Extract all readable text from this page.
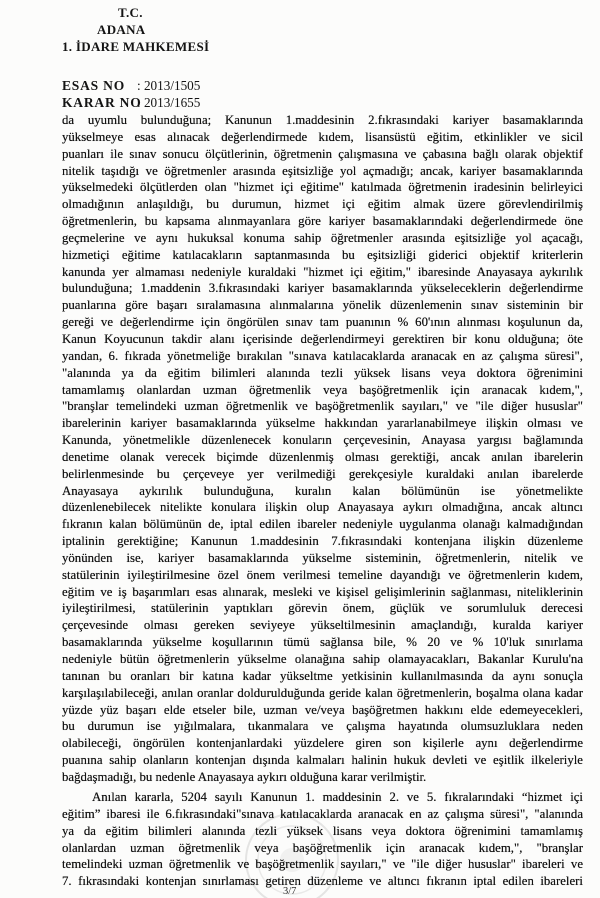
T.C.
ADANA
1. İDARE MAHKEMESİ
ESAS NO : 2013/1505
KARAR NO
: 2013/1655
da uyumlu bulunduğuna; Kanunun 1.maddesinin 2.fıkrasındaki kariyer basamaklarında
yükselmeye esas alınacak değerlendirmede kıdem, lisansüstü eğitim, etkinlikler ve sicil
puanları ile sınav sonucu ölçütlerinin, öğretmenin çalışmasına ve çabasına bağlı olarak objektif
nitelik taşıdığı ve öğretmenler arasında eşitsizliğe yol açmadığı; ancak, kariyer basamaklarında
yükselmedeki ölçütlerden olan "hizmet içi eğitime" katılmada öğretmenin iradesinin belirleyici
olmadığının anlaşıldığı, bu durumun, hizmet içi eğitim almak üzere görevlendirilmiş
öğretmenlerin, bu kapsama alınmayanlara göre kariyer basamaklarındaki değerlendirmede öne
geçmelerine ve aynı hukuksal konuma sahip öğretmenler arasında eşitsizliğe yol açacağı,
hizmetiçi eğitime katılacakların saptanmasında bu eşitsizliği giderici objektif kriterlerin
kanunda yer almaması nedeniyle kuraldaki "hizmet içi eğitim," ibaresinde Anayasaya aykırılık
bulunduğuna; 1.maddenin 3.fıkrasındaki kariyer basamaklarında yükseleceklerin değerlendirme
puanlarına göre başarı sıralamasına alınmalarına yönelik düzenlemenin sınav sisteminin bir
gereği ve değerlendirme için öngörülen sınav tam puanının % 60'ının alınması koşulunun da,
Kanun Koyucunun takdir alanı içerisinde değerlendirmeyi gerektiren bir konu olduğuna; öte
yandan, 6. fıkrada yönetmeliğe bırakılan "sınava katılacaklarda aranacak en az çalışma süresi",
"alanında ya da eğitim bilimleri alanında tezli yüksek lisans veya doktora öğrenimini
tamamlamış olanlardan uzman öğretmenlik veya başöğretmenlik için aranacak kıdem,",
"branşlar temelindeki uzman öğretmenlik ve başöğretmenlik sayıları," ve "ile diğer hususlar"
ibarelerinin kariyer basamaklarında yükselme hakkından yararlanabilmeye ilişkin olması ve
Kanunda, yönetmelikle düzenlenecek konuların çerçevesinin, Anayasa yargısı bağlamında
denetime olanak verecek biçimde düzenlenmiş olması gerektiği, ancak anılan ibarelerin
belirlenmesinde bu çerçeveye yer verilmediği gerekçesiyle kuraldaki anılan ibarelerde
Anayasaya aykırılık bulunduğuna, kuralın kalan bölümünün ise yönetmelikte
düzenlenebilecek nitelikte konulara ilişkin olup Anayasaya aykırı olmadığına, ancak altıncı
fıkranın kalan bölümünün de, iptal edilen ibareler nedeniyle uygulanma olanağı kalmadığından
iptalinin gerektiğine; Kanunun 1.maddesinin 7.fıkrasındaki kontenjana ilişkin düzenleme
yönünden ise, kariyer basamaklarında yükselme sisteminin, öğretmenlerin, nitelik ve
statülerinin iyileştirilmesine özel önem verilmesi temeline dayandığı ve öğretmenlerin kıdem,
eğitim ve iş başarımları esas alınarak, mesleki ve kişisel gelişimlerinin sağlanması, niteliklerinin
iyileştirilmesi, statülerinin yaptıkları görevin önem, güçlük ve sorumluluk derecesi
çerçevesinde olması gereken seviyeye yükseltilmesinin amaçlandığı, kuralda kariyer
basamaklarında yükselme koşullarının tümü sağlansa bile, % 20 ve % 10'luk sınırlama
nedeniyle bütün öğretmenlerin yükselme olanağına sahip olamayacakları, Bakanlar Kurulu'na
tanınan bu oranları bir katına kadar yükseltme yetkisinin kullanılmasında da aynı sonuçla
karşılaşılabileceği, anılan oranlar doldurulduğunda geride kalan öğretmenlerin, boşalma olana kadar
yüzde yüz başarı elde etseler bile, uzman ve/veya başöğretmen hakkını elde edemeyecekleri,
bu durumun ise yığılmalara, tıkanmalara ve çalışma hayatında olumsuzluklara neden
olabileceği, öngörülen kontenjanlardaki yüzdelere giren son kişilerle aynı değerlendirme
puanına sahip olanların kontenjan dışında kalmaları halinin hukuk devleti ve eşitlik ilkeleriyle
bağdaşmadığı, bu nedenle Anayasaya aykırı olduğuna karar verilmiştir.
Anılan kararla, 5204 sayılı Kanunun 1. maddesinin 2. ve 5. fıkralarındaki “hizmet içi
eğitim” ibaresi ile 6.fıkrasındaki"sınava katılacaklarda aranacak en az çalışma süresi", "alanında
ya da eğitim bilimleri alanında tezli yüksek lisans veya doktora öğrenimini tamamlamış
olanlardan uzman öğretmenlik veya başöğretmenlik için aranacak kıdem,", "branşlar
temelindeki uzman öğretmenlik ve başöğretmenlik sayıları," ve "ile diğer hususlar" ibareleri ve
7. fıkrasındaki kontenjan sınırlaması getiren düzenleme ve altıncı fıkranın iptal edilen ibareleri
3/7
